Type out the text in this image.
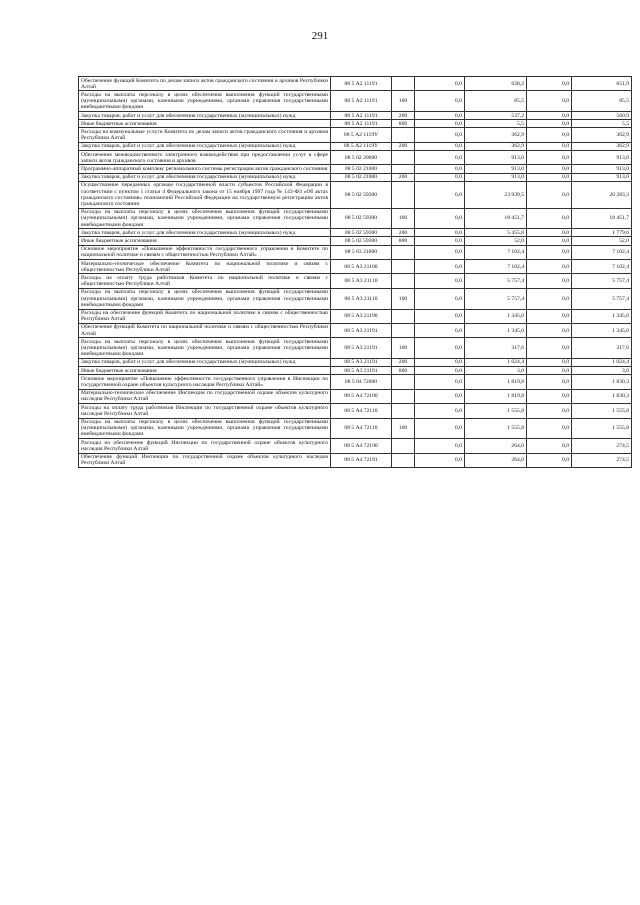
291
Обеспечение функций Комитета по делам записи актов гражданского состояния и архивов Республики Алтай	08 5 А2 11191		0,0	628,2	0,0	651,9
Расходы на выплаты персоналу в целях обеспечения выполнения функций государственными (муниципальными) органами, казенными учреждениями, органами управления государственными внебюджетными фондами	08 5 А2 11191	100	0,0	85,5	0,0	85,5
Закупка товаров, работ и услуг для обеспечения государственных (муниципальных) нужд	08 5 А2 11191	200	0,0	537,2	0,0	560,9
Иные бюджетные ассигнования	08 5 А2 11191	800	0,0	5,5	0,0	5,5
Расходы на коммунальные услуги Комитета по делам записи актов гражданского состояния и архивов Республики Алтай	08 5 А2 1119У		0,0	362,9	0,0	362,9
Закупка товаров, работ и услуг для обеспечения государственных (муниципальных) нужд	08 5 А2 1119У	200	0,0	362,9	0,0	362,9
Обеспечение межведомственного электронного взаимодействия при предоставлении услуг в сфере записи актов гражданского состояния и архивов	08 5 02 20000		0,0	913,0	0,0	913,0
Программно-аппаратный комплекс регионального системы регистрации актов гражданского состояния	08 5 02 21000		0,0	913,0	0,0	913,0
Закупка товаров, работ и услуг для обеспечения государственных (муниципальных) нужд	08 5 02 21000	200	0,0	913,0	0,0	913,0
Осуществление переданных органам государственной власти субъектов Российской Федерации в соответствии с пунктом 1 статьи 4 Федерального закона от 15 ноября 1997 года № 143-ФЗ «Об актах гражданского состояния» полномочий Российской Федерации на государственную регистрацию актов гражданского состояния	08 5 02 59300		0,0	23 939,5	0,0	20 283,3
Расходы на выплаты персоналу в целях обеспечения выполнения функций государственными (муниципальными) органами, казенными учреждениями, органами управления государственными внебюджетными фондами	08 5 02 59300	100	0,0	18 451,7	0,0	18 451,7
Закупка товаров, работ и услуг для обеспечения государственных (муниципальных) нужд	08 5 02 59300	200	0,0	5 455,8	0,0	1 779,6
Иные бюджетные ассигнования	08 5 02 59300	800	0,0	52,0	0,0	52,0
Основное мероприятие «Повышение эффективности государственного управления в Комитете по национальной политике и связям с общественностью Республики Алтай»	08 5 03 21000		0,0	7 102,4	0,0	7 102,4
Материально-техническое обеспечение Комитета по национальной политике и связям с общественностью Республики Алтай	08 5 А3 21100		0,0	7 102,4	0,0	7 102,4
Расходы на оплату труда работников Комитета по национальной политике и связям с общественностью Республики Алтай	08 5 А3 21110		0,0	5 757,4	0,0	5 757,4
Расходы на выплаты персоналу в целях обеспечения выполнения функций государственными (муниципальными) органами, казенными учреждениями, органами управления государственными внебюджетными фондами	08 5 А3 21110	100	0,0	5 757,4	0,0	5 757,4
Расходы на обеспечение функций Комитета по национальной политике и связям с общественностью Республики Алтай	08 5 А3 21190		0,0	1 345,0	0,0	1 345,0
Обеспечение функций Комитета по национальной политике и связям с общественностью Республики Алтай	08 5 А3 21191		0,0	1 345,0	0,0	1 345,0
Расходы на выплаты персоналу в целях обеспечения выполнения функций государственными (муниципальными) органами, казенными учреждениями, органами управления государственными внебюджетными фондами	08 5 А3 21191	100	0,0	317,6	0,0	317,6
Закупка товаров, работ и услуг для обеспечения государственных (муниципальных) нужд	08 5 А3 21191	200	0,0	1 024,4	0,0	1 024,4
Иные бюджетные ассигнования	08 5 А3 21191	800	0,0	3,0	0,0	3,0
Основное мероприятие «Повышение эффективности государственного управления в Инспекции по государственной охране объектов культурного наследия Республики Алтай»	08 5 04 72000		0,0	1 819,8	0,0	1 830,3
Материально-техническое обеспечение Инспекции по государственной охране объектов культурного наследия Республики Алтай	08 5 А4 72100		0,0	1 819,8	0,0	1 830,3
Расходы на оплату труда работников Инспекции по государственной охране объектов культурного наследия Республики Алтай	08 5 А4 72110		0,0	1 555,8	0,0	1 555,8
Расходы на выплаты персоналу в целях обеспечения выполнения функций государственными (муниципальными) органами, казенными учреждениями, органами управления государственными внебюджетными фондами	08 5 А4 72110	100	0,0	1 555,8	0,0	1 555,8
Расходы на обеспечение функций Инспекции по государственной охране объектов культурного наследия Республики Алтай	08 5 А4 72190		0,0	264,0	0,0	274,5
Обеспечение функций Инспекции по государственной охране объектов культурного наследия Республики Алтай	08 5 А4 72191		0,0	264,0	0,0	274,5
